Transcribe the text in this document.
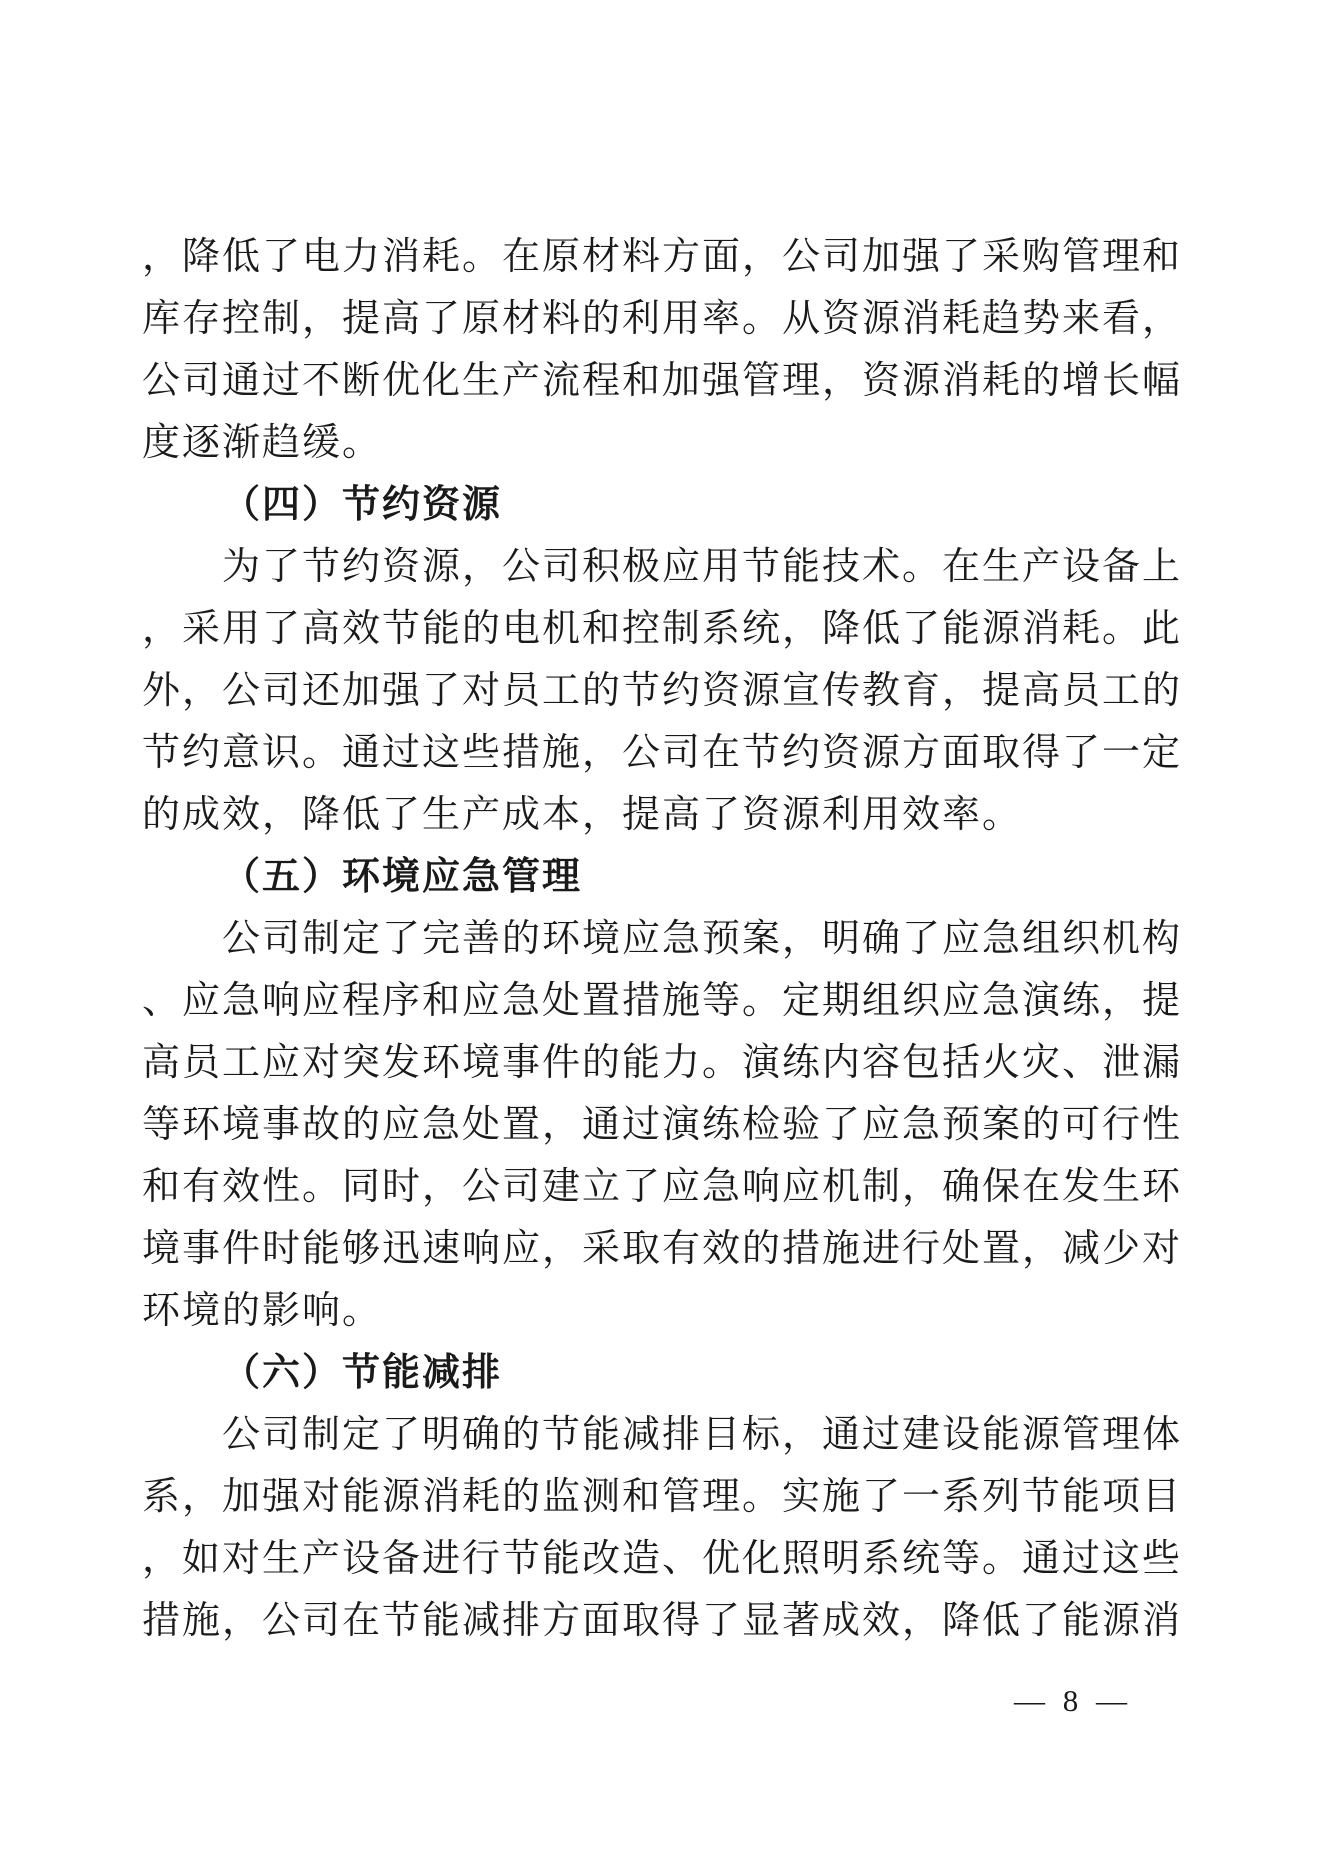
，降低了电力消耗。在原材料方面，公司加强了采购管理和
库存控制，提高了原材料的利用率。从资源消耗趋势来看，
公司通过不断优化生产流程和加强管理，资源消耗的增长幅
度逐渐趋缓。
（四）节约资源
为了节约资源，公司积极应用节能技术。在生产设备上
，采用了高效节能的电机和控制系统，降低了能源消耗。此
外，公司还加强了对员工的节约资源宣传教育，提高员工的
节约意识。通过这些措施，公司在节约资源方面取得了一定
的成效，降低了生产成本，提高了资源利用效率。
（五）环境应急管理
公司制定了完善的环境应急预案，明确了应急组织机构
、应急响应程序和应急处置措施等。定期组织应急演练，提
高员工应对突发环境事件的能力。演练内容包括火灾、泄漏
等环境事故的应急处置，通过演练检验了应急预案的可行性
和有效性。同时，公司建立了应急响应机制，确保在发生环
境事件时能够迅速响应，采取有效的措施进行处置，减少对
环境的影响。
（六）节能减排
公司制定了明确的节能减排目标，通过建设能源管理体
系，加强对能源消耗的监测和管理。实施了一系列节能项目
，如对生产设备进行节能改造、优化照明系统等。通过这些
措施，公司在节能减排方面取得了显著成效，降低了能源消
— 8 —
